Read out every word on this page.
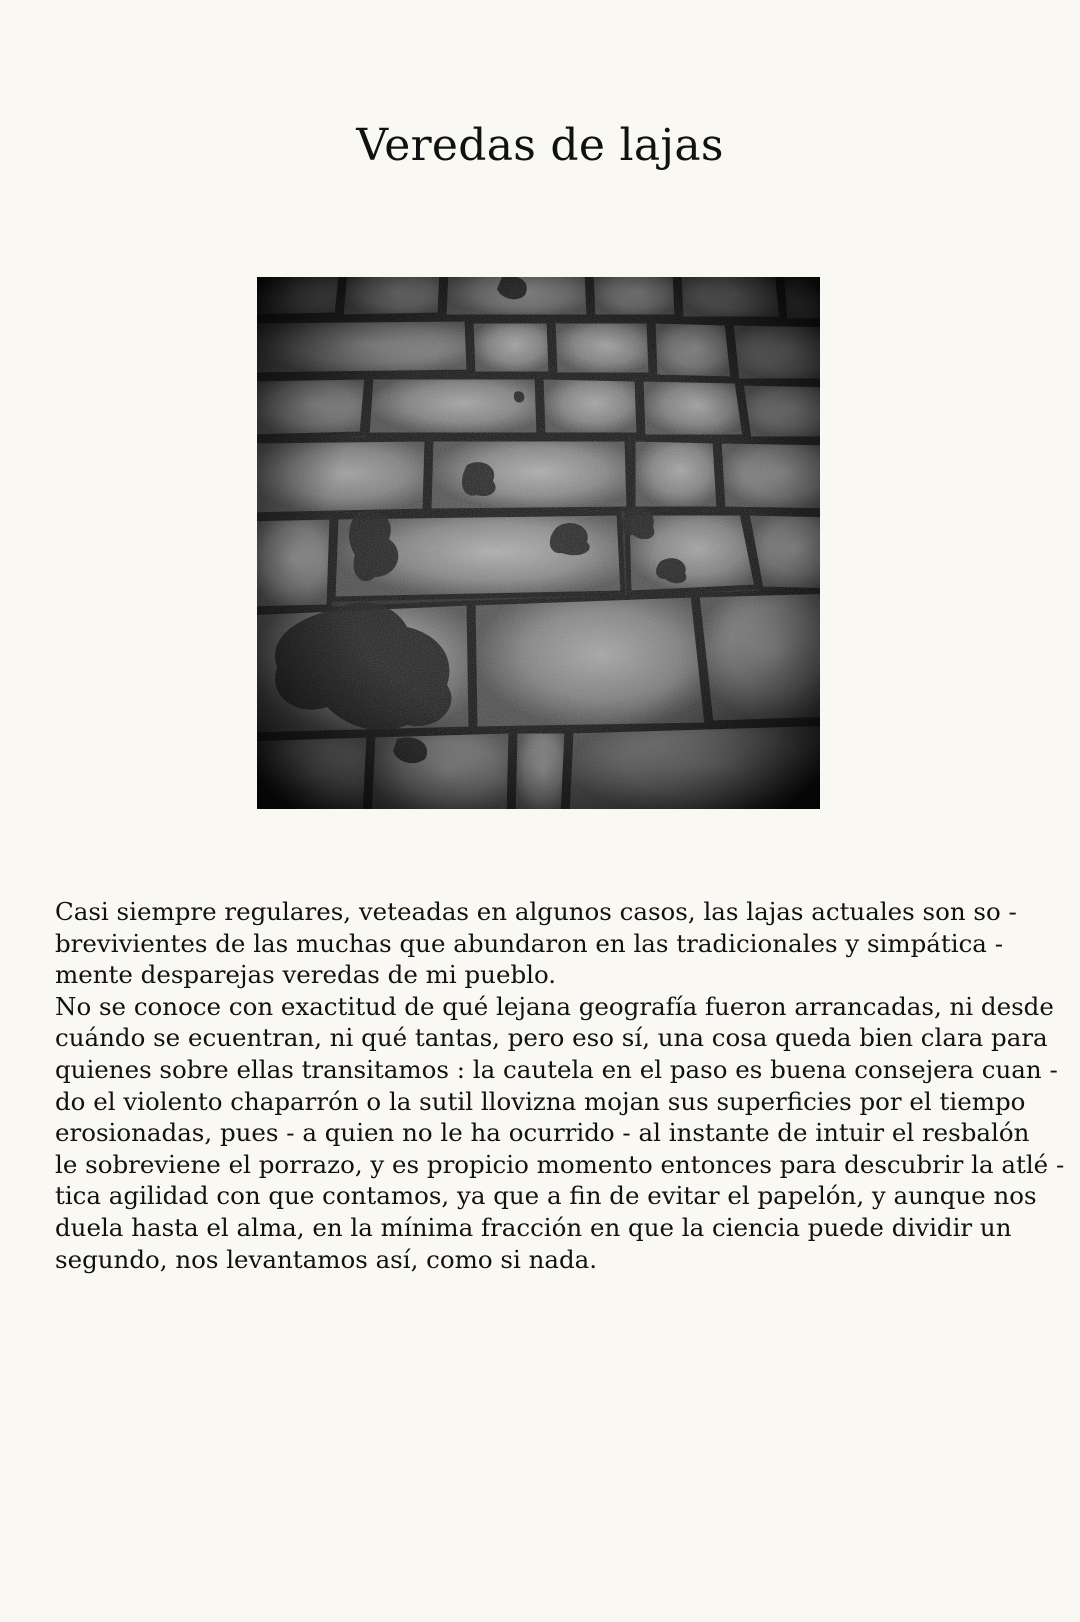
Veredas de lajas
Casi siempre regulares, veteadas en algunos casos, las lajas actuales son so -
brevivientes de las muchas que abundaron en las tradicionales y simpática -
mente desparejas veredas de mi pueblo.
No se conoce con exactitud de qué lejana geografía fueron arrancadas, ni desde
cuándo se ecuentran, ni qué tantas, pero eso sí, una cosa queda bien clara para
quienes sobre ellas transitamos : la cautela en el paso es buena consejera cuan -
do el violento chaparrón o la sutil llovizna mojan sus superficies por el tiempo
erosionadas, pues - a quien no le ha ocurrido - al instante de intuir el resbalón
le sobreviene el porrazo, y es propicio momento entonces para descubrir la atlé -
tica agilidad con que contamos, ya que a fin de evitar el papelón, y aunque nos
duela hasta el alma, en la mínima fracción en que la ciencia puede dividir un
segundo, nos levantamos así, como si nada.
